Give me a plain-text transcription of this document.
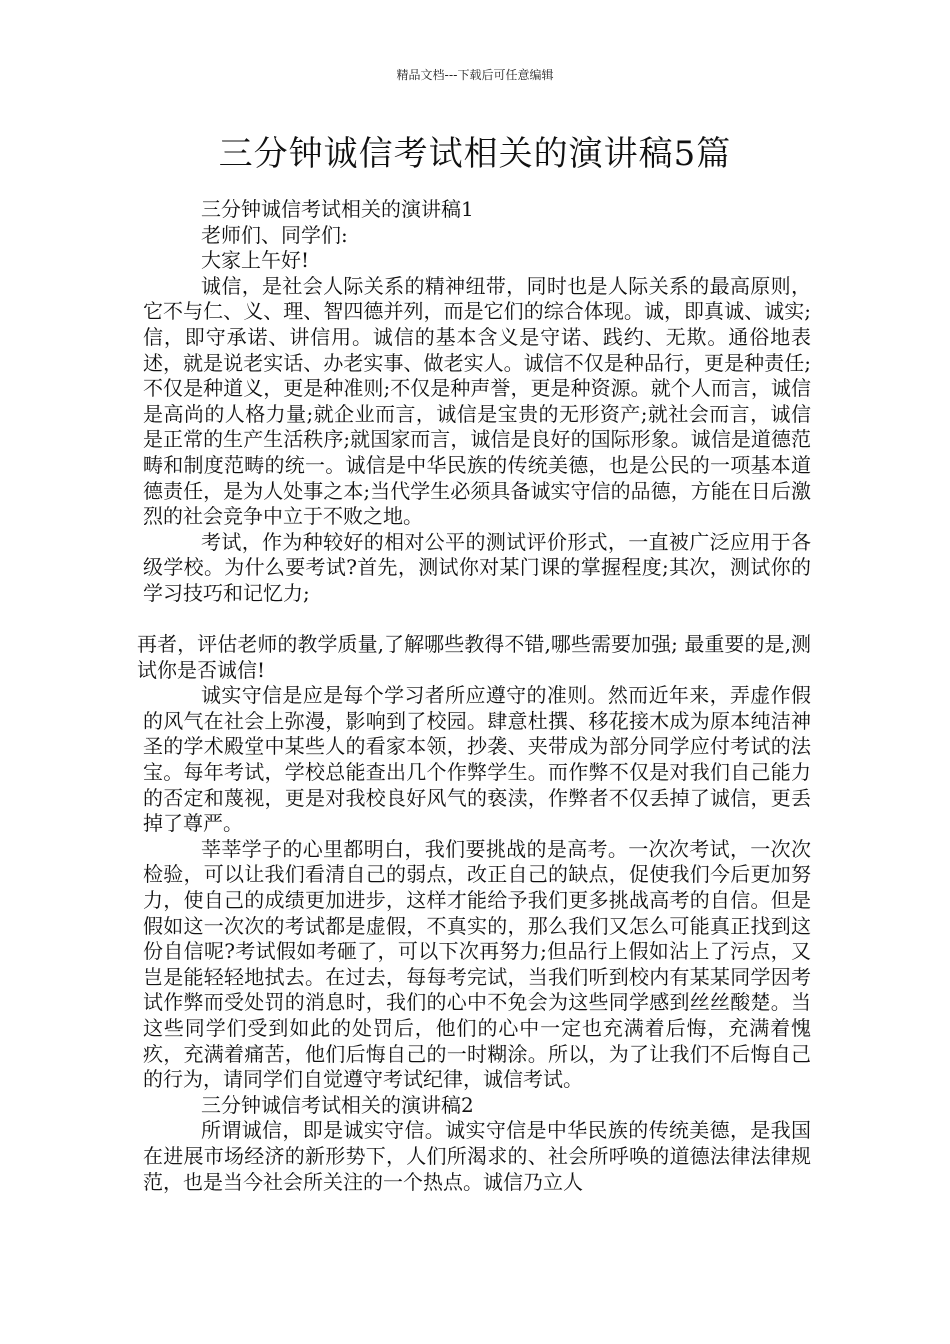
精品文档---下载后可任意编辑
三分钟诚信考试相关的演讲稿5篇

三分钟诚信考试相关的演讲稿1

老师们、同学们:

大家上午好!

诚信，是社会人际关系的精神纽带，同时也是人际关系的最高原则，它不与仁、义、理、智四德并列，而是它们的综合体现。诚，即真诚、诚实;信，即守承诺、讲信用。诚信的基本含义是守诺、践约、无欺。通俗地表述，就是说老实话、办老实事、做老实人。诚信不仅是种品行，更是种责任;不仅是种道义，更是种准则;不仅是种声誉，更是种资源。就个人而言，诚信是高尚的人格力量;就企业而言，诚信是宝贵的无形资产;就社会而言，诚信是正常的生产生活秩序;就国家而言，诚信是良好的国际形象。诚信是道德范畴和制度范畴的统一。诚信是中华民族的传统美德，也是公民的一项基本道德责任，是为人处事之本;当代学生必须具备诚实守信的品德，方能在日后激烈的社会竞争中立于不败之地。

考试，作为种较好的相对公平的测试评价形式，一直被广泛应用于各级学校。为什么要考试?首先，测试你对某门课的掌握程度;其次，测试你的学习技巧和记忆力;

再者，评估老师的教学质量,了解哪些教得不错,哪些需要加强; 最重要的是,测试你是否诚信!

诚实守信是应是每个学习者所应遵守的准则。然而近年来，弄虚作假的风气在社会上弥漫，影响到了校园。肆意杜撰、移花接木成为原本纯洁神圣的学术殿堂中某些人的看家本领，抄袭、夹带成为部分同学应付考试的法宝。每年考试，学校总能查出几个作弊学生。而作弊不仅是对我们自己能力的否定和蔑视，更是对我校良好风气的亵渎，作弊者不仅丢掉了诚信，更丢掉了尊严。

莘莘学子的心里都明白，我们要挑战的是高考。一次次考试，一次次检验，可以让我们看清自己的弱点，改正自己的缺点，促使我们今后更加努力，使自己的成绩更加进步，这样才能给予我们更多挑战高考的自信。但是假如这一次次的考试都是虚假，不真实的，那么我们又怎么可能真正找到这份自信呢?考试假如考砸了，可以下次再努力;但品行上假如沾上了污点，又岂是能轻轻地拭去。在过去，每每考完试，当我们听到校内有某某同学因考试作弊而受处罚的消息时，我们的心中不免会为这些同学感到丝丝酸楚。当这些同学们受到如此的处罚后，他们的心中一定也充满着后悔，充满着愧疚，充满着痛苦，他们后悔自己的一时糊涂。所以，为了让我们不后悔自己的行为，请同学们自觉遵守考试纪律，诚信考试。

三分钟诚信考试相关的演讲稿2

所谓诚信，即是诚实守信。诚实守信是中华民族的传统美德，是我国在进展市场经济的新形势下，人们所渴求的、社会所呼唤的道德法律法律规范，也是当今社会所关注的一个热点。诚信乃立人
